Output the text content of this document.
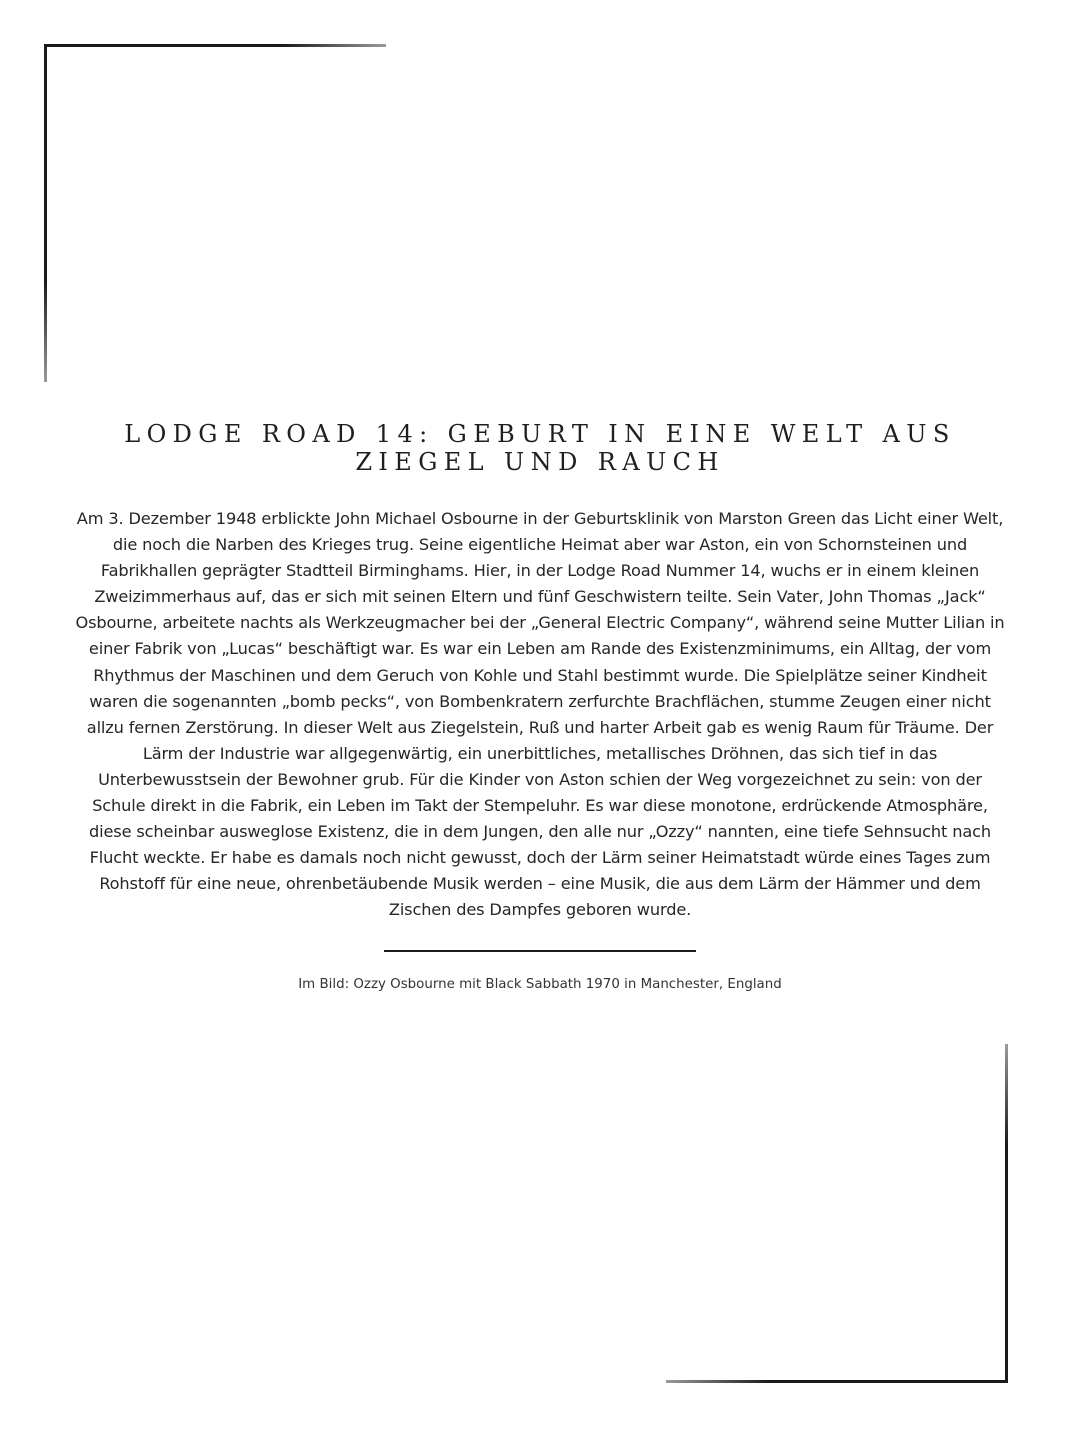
LODGE ROAD 14: GEBURT IN EINE WELT AUS ZIEGEL UND RAUCH

Am 3. Dezember 1948 erblickte John Michael Osbourne in der Geburtsklinik von Marston Green das Licht einer Welt, die noch die Narben des Krieges trug. Seine eigentliche Heimat aber war Aston, ein von Schornsteinen und Fabrikhallen geprägter Stadtteil Birminghams. Hier, in der Lodge Road Nummer 14, wuchs er in einem kleinen Zweizimmerhaus auf, das er sich mit seinen Eltern und fünf Geschwistern teilte. Sein Vater, John Thomas „Jack“ Osbourne, arbeitete nachts als Werkzeugmacher bei der „General Electric Company“, während seine Mutter Lilian in einer Fabrik von „Lucas“ beschäftigt war. Es war ein Leben am Rande des Existenzminimums, ein Alltag, der vom Rhythmus der Maschinen und dem Geruch von Kohle und Stahl bestimmt wurde. Die Spielplätze seiner Kindheit waren die sogenannten „bomb pecks“, von Bombenkratern zerfurchte Brachflächen, stumme Zeugen einer nicht allzu fernen Zerstörung. In dieser Welt aus Ziegelstein, Ruß und harter Arbeit gab es wenig Raum für Träume. Der Lärm der Industrie war allgegenwärtig, ein unerbittliches, metallisches Dröhnen, das sich tief in das Unterbewusstsein der Bewohner grub. Für die Kinder von Aston schien der Weg vorgezeichnet zu sein: von der Schule direkt in die Fabrik, ein Leben im Takt der Stempeluhr. Es war diese monotone, erdrückende Atmosphäre, diese scheinbar ausweglose Existenz, die in dem Jungen, den alle nur „Ozzy“ nannten, eine tiefe Sehnsucht nach Flucht weckte. Er habe es damals noch nicht gewusst, doch der Lärm seiner Heimatstadt würde eines Tages zum Rohstoff für eine neue, ohrenbetäubende Musik werden – eine Musik, die aus dem Lärm der Hämmer und dem Zischen des Dampfes geboren wurde.

Im Bild: Ozzy Osbourne mit Black Sabbath 1970 in Manchester, England
